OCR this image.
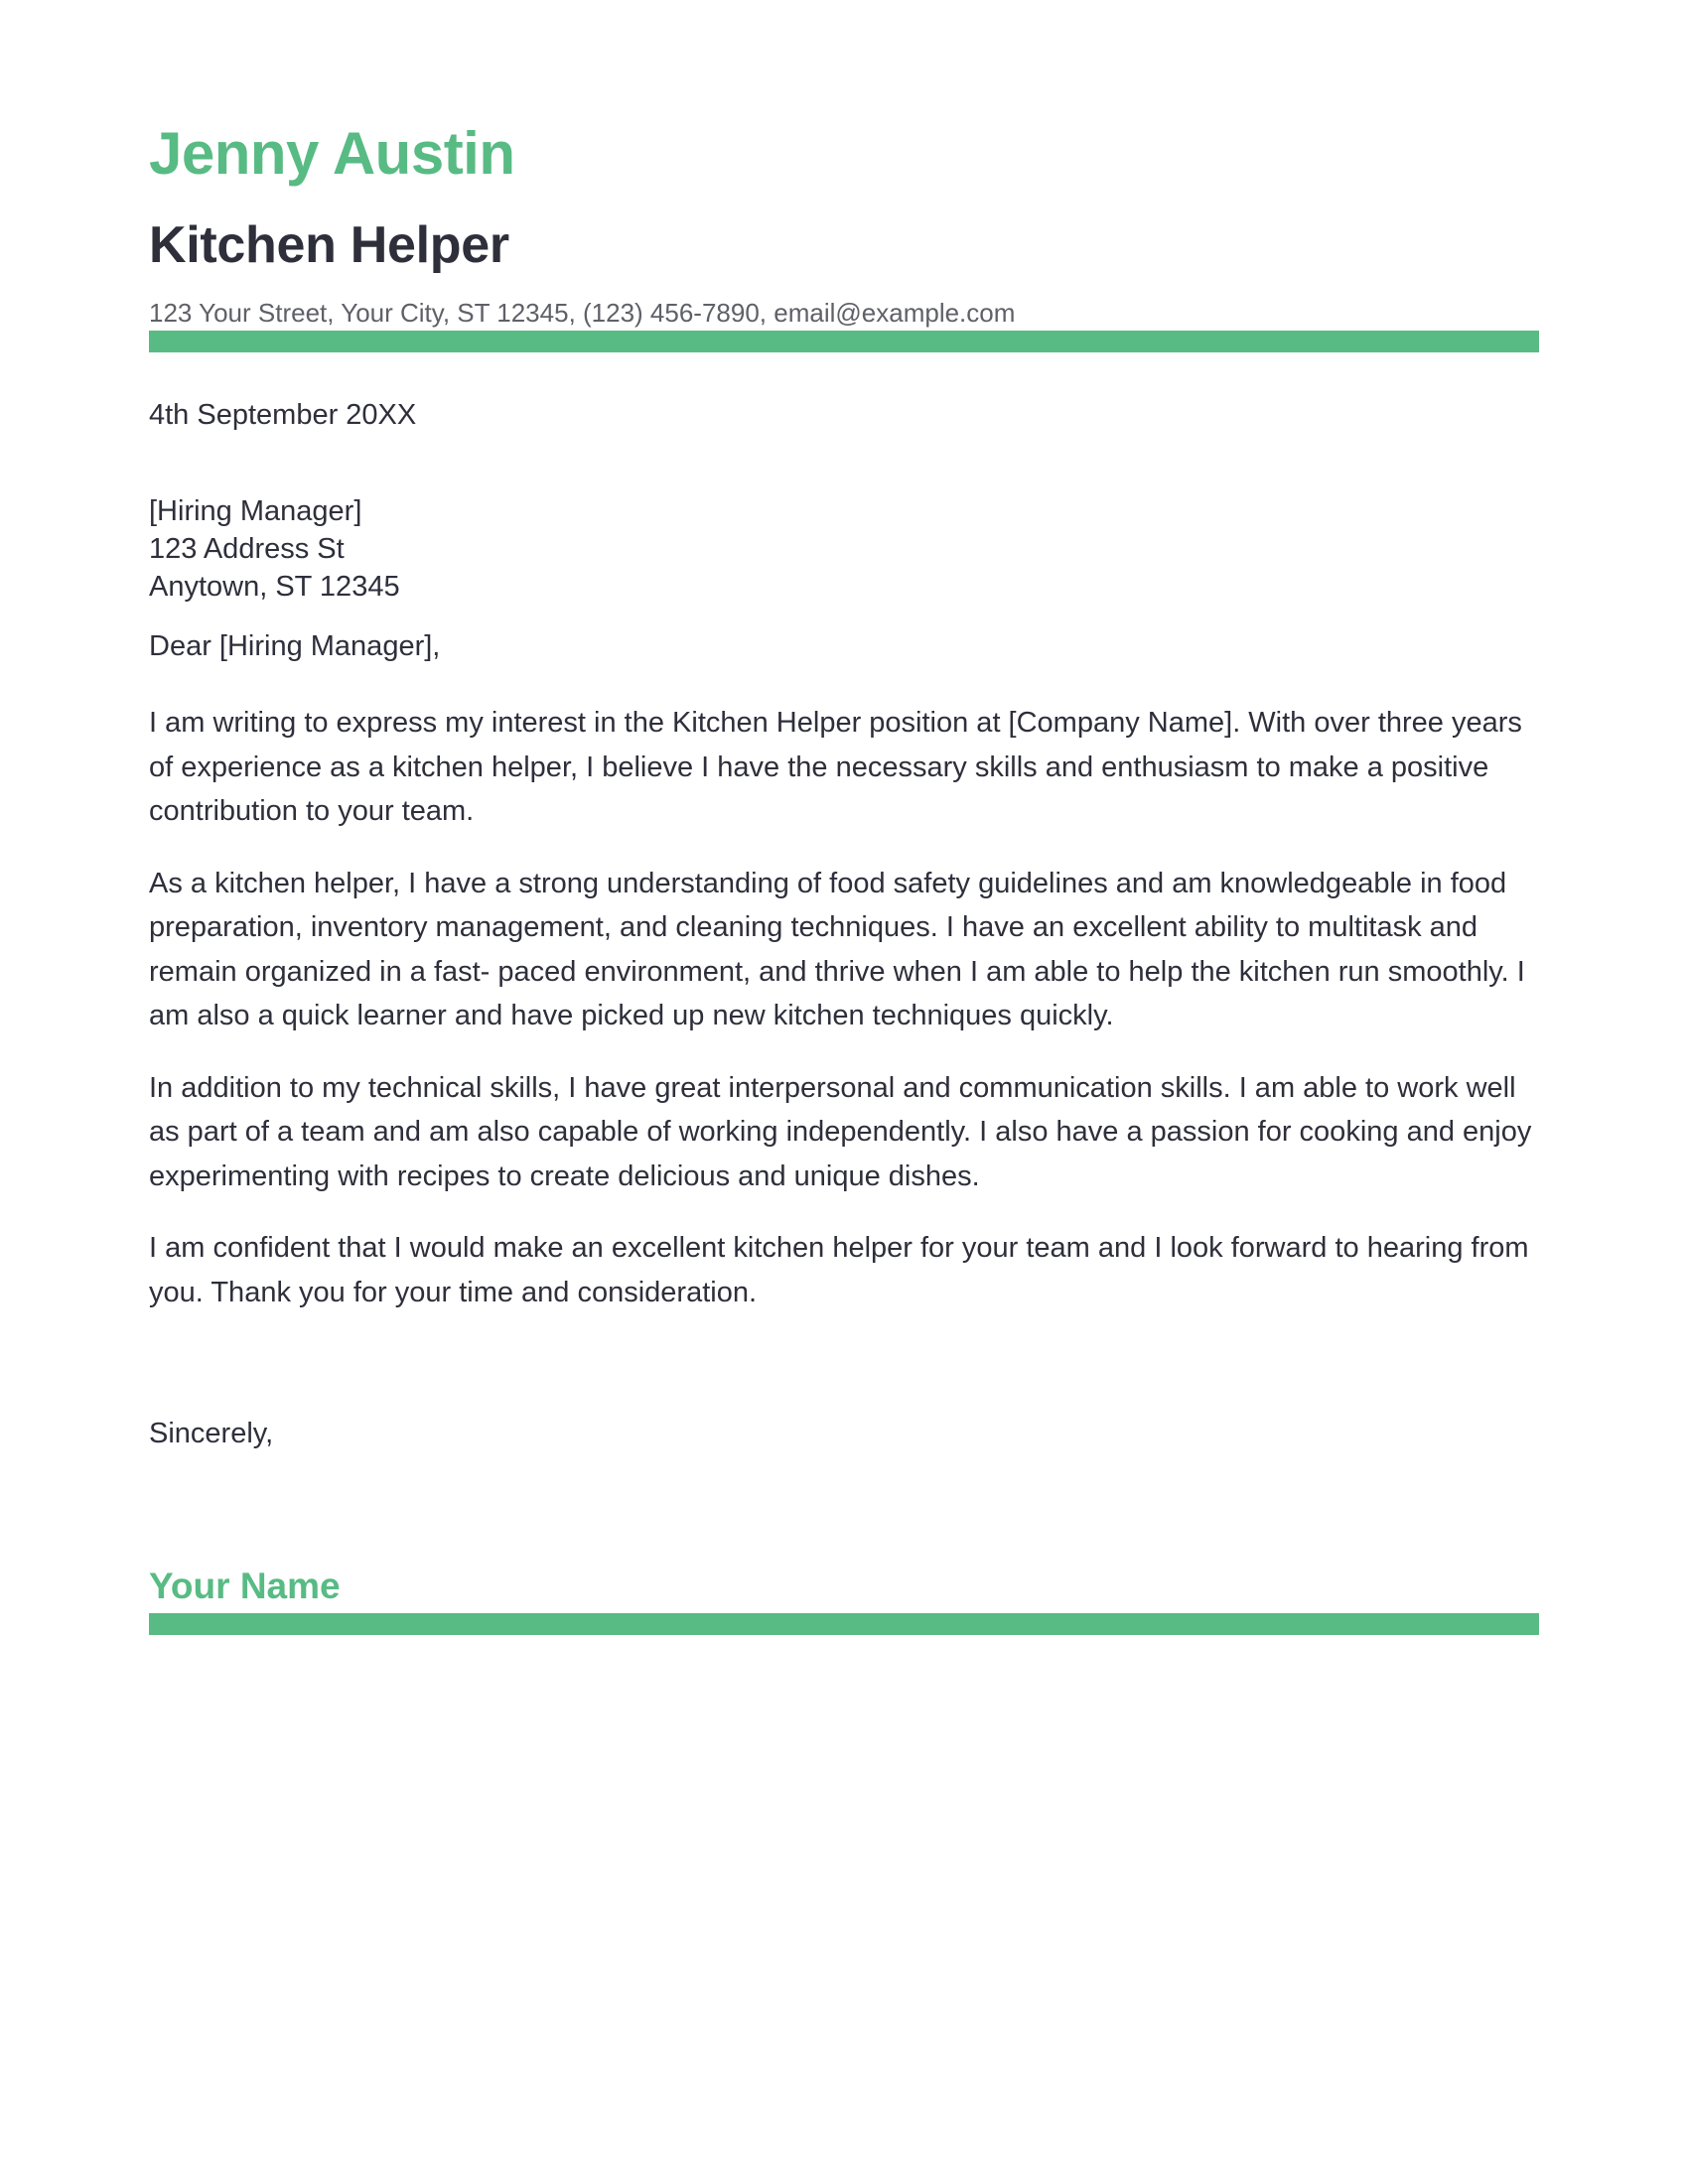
Jenny Austin
Kitchen Helper
123 Your Street, Your City, ST 12345, (123) 456-7890, email@example.com
4th September 20XX
[Hiring Manager]
123 Address St
Anytown, ST 12345
Dear [Hiring Manager],

I am writing to express my interest in the Kitchen Helper position at [Company Name]. With over three years of experience as a kitchen helper, I believe I have the necessary skills and enthusiasm to make a positive contribution to your team.

As a kitchen helper, I have a strong understanding of food safety guidelines and am knowledgeable in food preparation, inventory management, and cleaning techniques. I have an excellent ability to multitask and remain organized in a fast- paced environment, and thrive when I am able to help the kitchen run smoothly. I am also a quick learner and have picked up new kitchen techniques quickly.

In addition to my technical skills, I have great interpersonal and communication skills. I am able to work well as part of a team and am also capable of working independently. I also have a passion for cooking and enjoy experimenting with recipes to create delicious and unique dishes.

I am confident that I would make an excellent kitchen helper for your team and I look forward to hearing from you. Thank you for your time and consideration.

Sincerely,
Your Name
